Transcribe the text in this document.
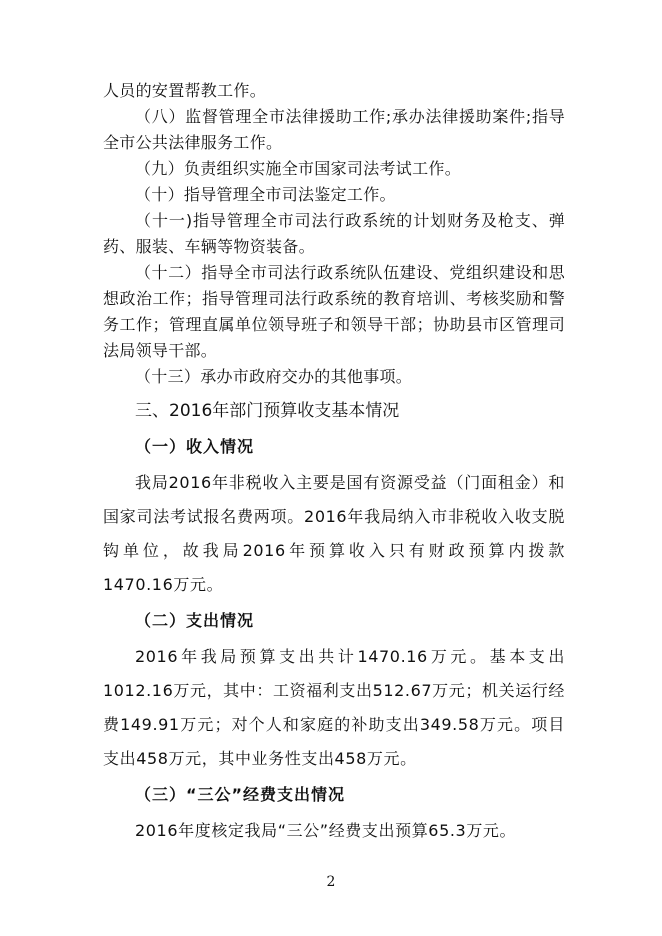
人员的安置帮教工作。

（八）监督管理全市法律援助工作;承办法律援助案件;指导全市公共法律服务工作。

（九）负责组织实施全市国家司法考试工作。

（十）指导管理全市司法鉴定工作。

（十一)指导管理全市司法行政系统的计划财务及枪支、弹药、服装、车辆等物资装备。

（十二）指导全市司法行政系统队伍建设、党组织建设和思想政治工作；指导管理司法行政系统的教育培训、考核奖励和警务工作；管理直属单位领导班子和领导干部；协助县市区管理司法局领导干部。

（十三）承办市政府交办的其他事项。

三、2016年部门预算收支基本情况

（一）收入情况

我局2016年非税收入主要是国有资源受益（门面租金）和国家司法考试报名费两项。2016年我局纳入市非税收入收支脱钩单位，故我局2016年预算收入只有财政预算内拨款1470.16万元。

（二）支出情况

2016年我局预算支出共计1470.16万元。基本支出1012.16万元，其中：工资福利支出512.67万元；机关运行经费149.91万元；对个人和家庭的补助支出349.58万元。项目支出458万元，其中业务性支出458万元。

（三）“三公”经费支出情况

2016年度核定我局“三公”经费支出预算65.3万元。

2
